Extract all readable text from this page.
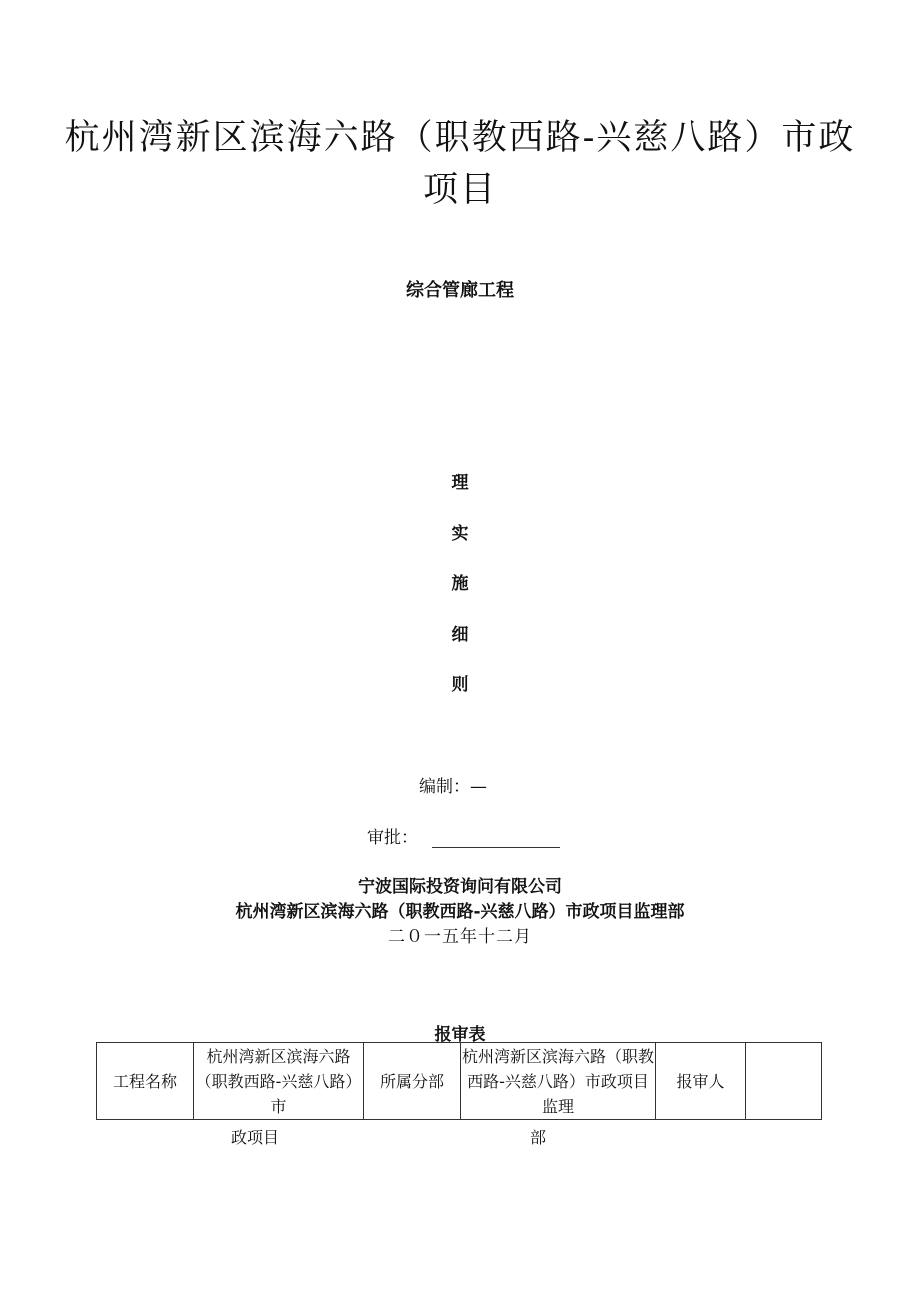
杭州湾新区滨海六路（职教西路-兴慈八路）市政项目
综合管廊工程
理
实
施
细
则
编制：—
审批：
宁波国际投资询问有限公司
杭州湾新区滨海六路（职教西路-兴慈八路）市政项目监理部
二０一五年十二月
报审表
工程名称	杭州湾新区滨海六路（职教西路-兴慈八路）市	所属分部	杭州湾新区滨海六路（职教西路-兴慈八路）市政项目监理	报审人	
政项目	部
